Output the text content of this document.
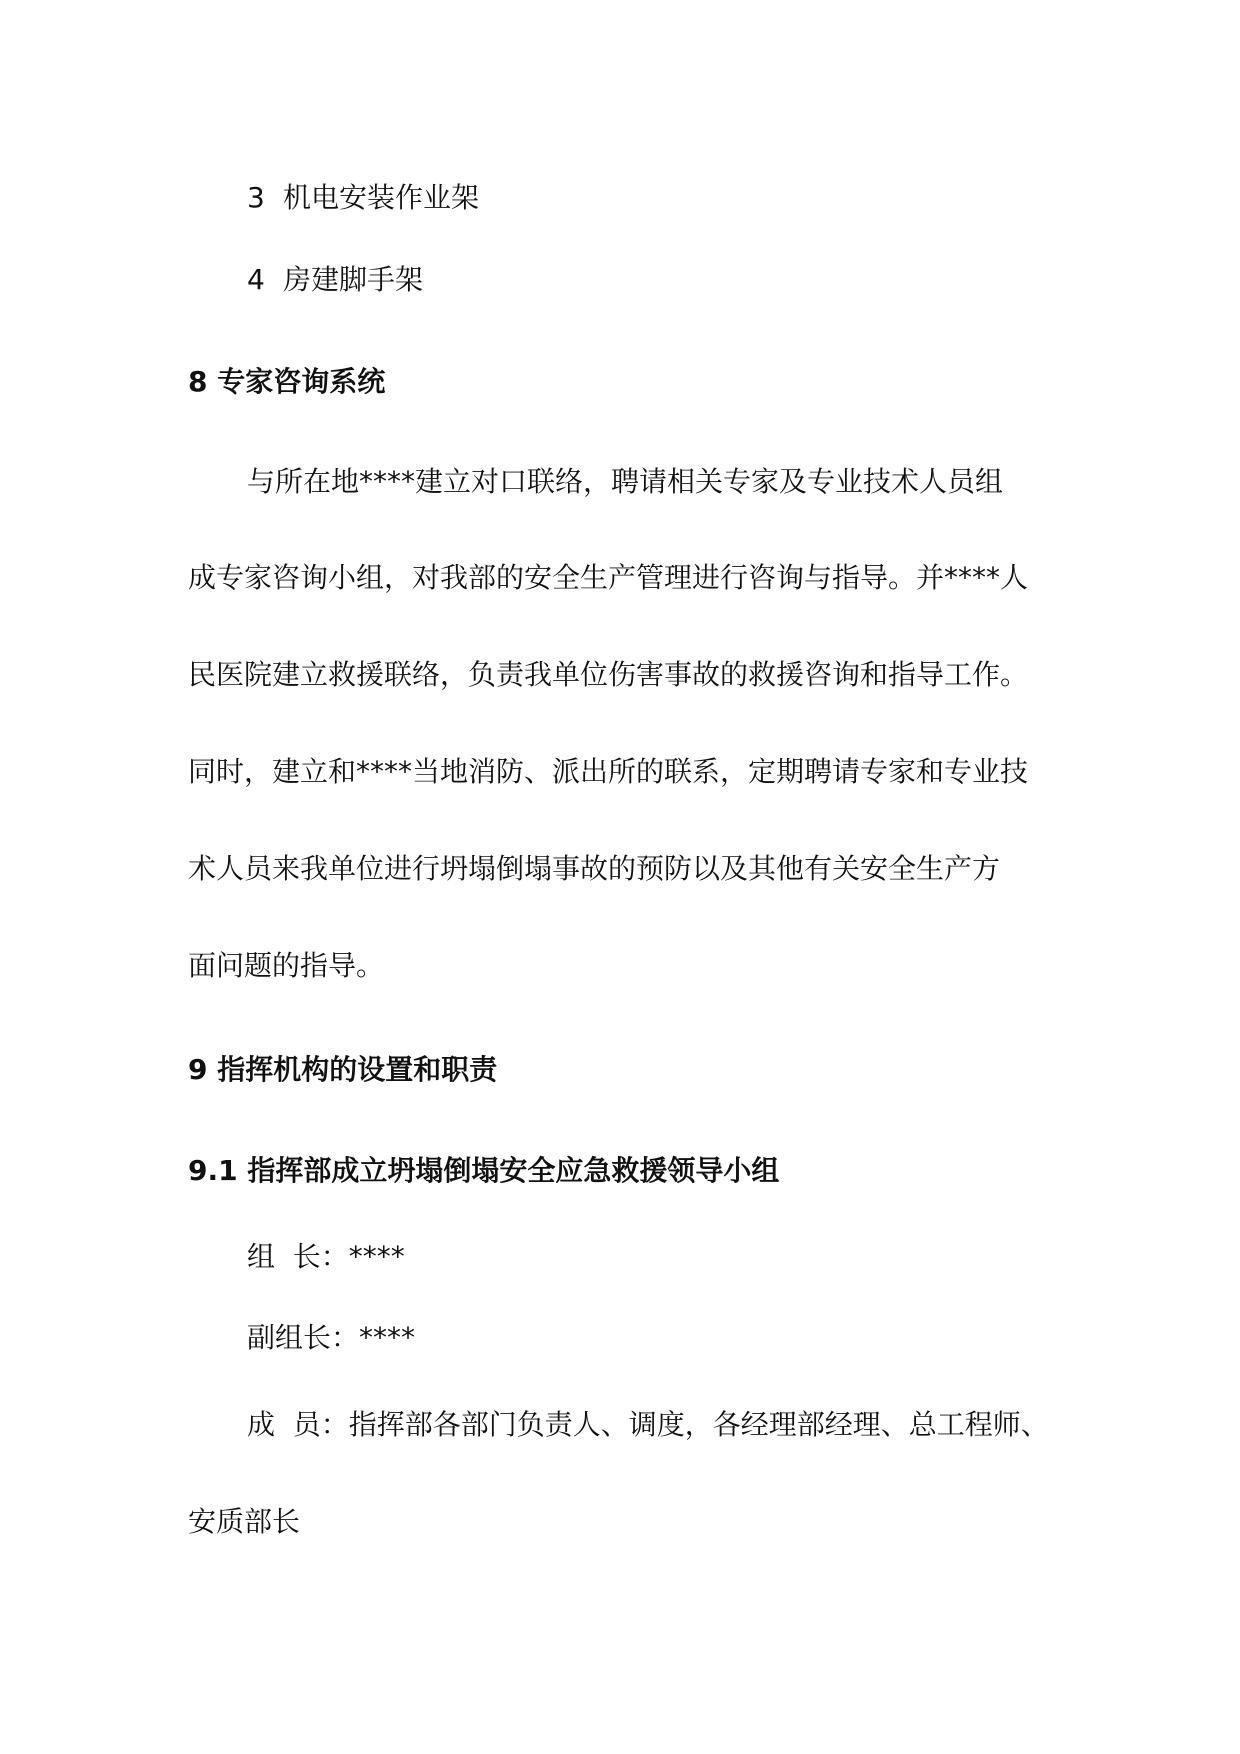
3 机电安装作业架
4 房建脚手架
8 专家咨询系统
与所在地****建立对口联络，聘请相关专家及专业技术人员组
成专家咨询小组，对我部的安全生产管理进行咨询与指导。并****人
民医院建立救援联络，负责我单位伤害事故的救援咨询和指导工作。
同时，建立和****当地消防、派出所的联系，定期聘请专家和专业技
术人员来我单位进行坍塌倒塌事故的预防以及其他有关安全生产方
面问题的指导。
9 指挥机构的设置和职责
9.1 指挥部成立坍塌倒塌安全应急救援领导小组
组  长：****
副组长：****
成  员：指挥部各部门负责人、调度，各经理部经理、总工程师、
安质部长
